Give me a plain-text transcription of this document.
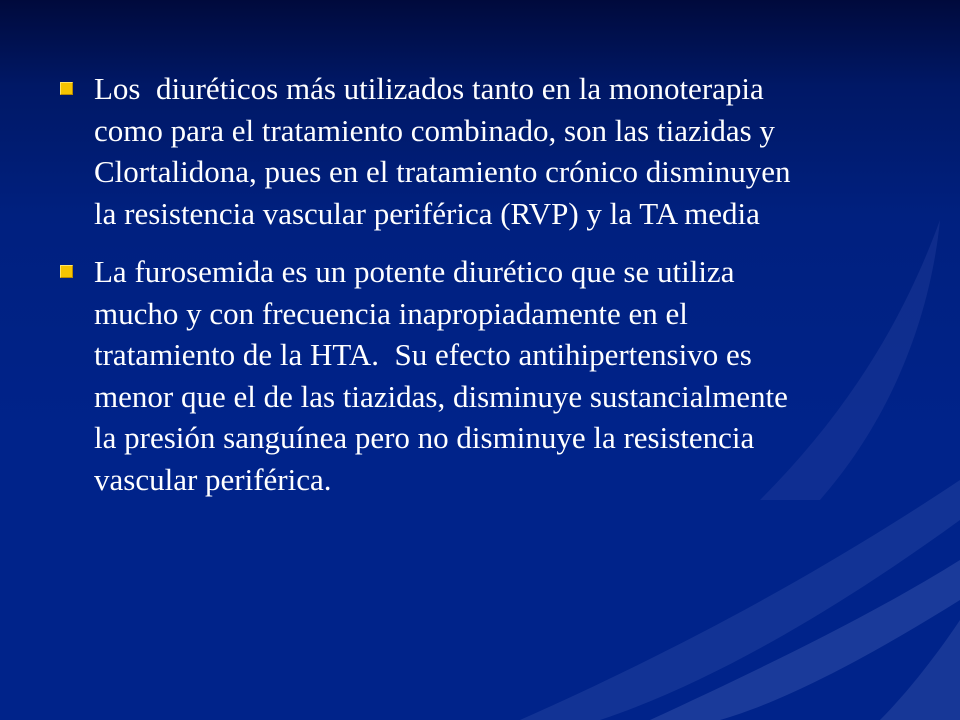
Los  diuréticos más utilizados tanto en la monoterapia
como para el tratamiento combinado, son las tiazidas y
Clortalidona, pues en el tratamiento crónico disminuyen
la resistencia vascular periférica (RVP) y la TA media

La furosemida es un potente diurético que se utiliza
mucho y con frecuencia inapropiadamente en el
tratamiento de la HTA.  Su efecto antihipertensivo es
menor que el de las tiazidas, disminuye sustancialmente
la presión sanguínea pero no disminuye la resistencia
vascular periférica.
